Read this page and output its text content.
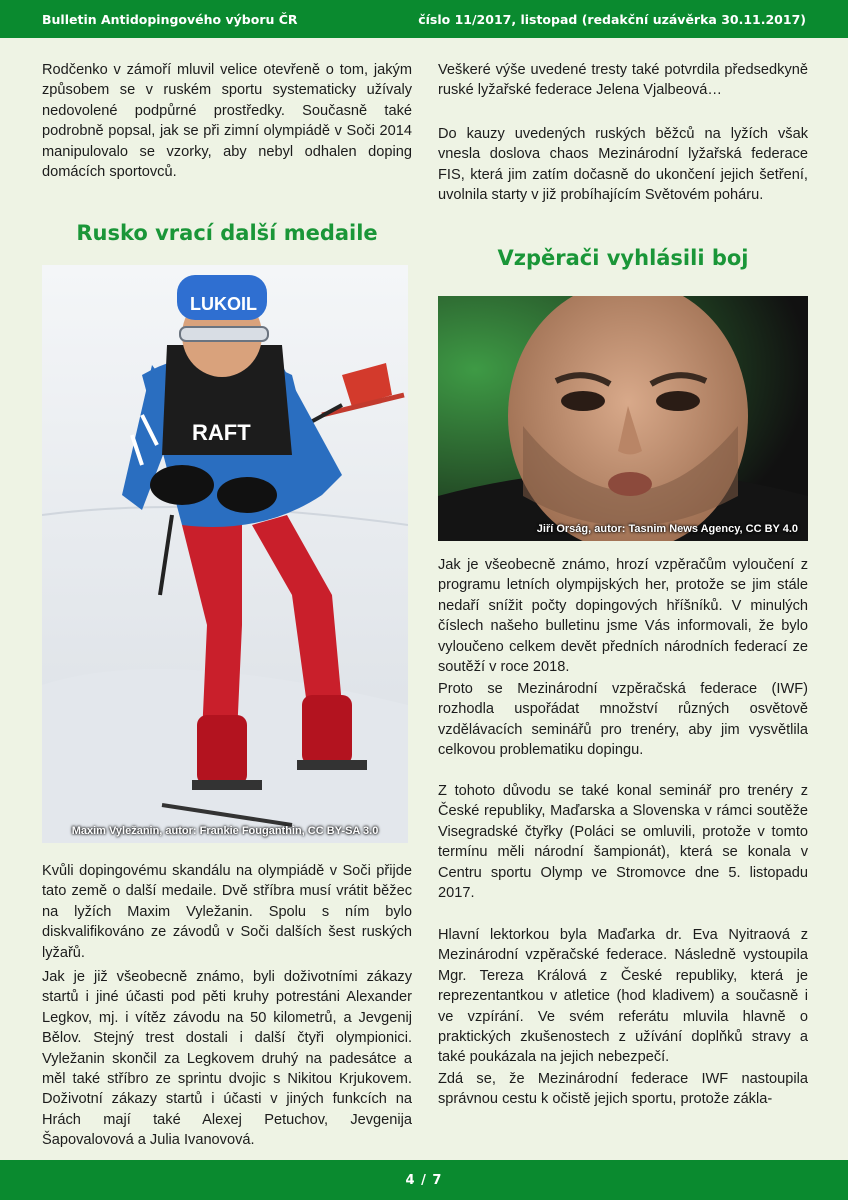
Bulletin Antidopingového výboru ČR	číslo 11/2017, listopad (redakční uzávěrka 30.11.2017)

Rodčenko v zámoří mluvil velice otevřeně o tom, jakým způsobem se v ruském sportu systematicky užívaly nedovolené podpůrné prostředky. Současně také podrobně popsal, jak se při zimní olympiádě v Soči 2014 manipulovalo se vzorky, aby nebyl odhalen doping domácích sportovců.

Rusko vrací další medaile
RAFT
LUKOIL
Maxim Vyležanin, autor: Frankie Fouganthin, CC BY-SA 3.0

Kvůli dopingovému skandálu na olympiádě v Soči přijde tato země o další medaile. Dvě stříbra musí vrátit běžec na lyžích Maxim Vyležanin. Spolu s ním bylo diskvalifikováno ze závodů v Soči dalších šest ruských lyžařů.

Jak je již všeobecně známo, byli doživotními zákazy startů i jiné účasti pod pěti kruhy potrestáni Alexander Legkov, mj. i vítěz závodu na 50 kilometrů, a Jevgenij Bělov. Stejný trest dostali i další čtyři olympionici. Vyležanin skončil za Legkovem druhý na padesátce a měl také stříbro ze sprintu dvojic s Nikitou Krjukovem. Doživotní zákazy startů i účasti v jiných funkcích na Hrách mají také Alexej Petuchov, Jevgenija Šapovalovová a Julia Ivanovová.

Veškeré výše uvedené tresty také potvrdila předsedkyně ruské lyžařské federace Jelena Vjalbeová…

Do kauzy uvedených ruských běžců na lyžích však vnesla doslova chaos Mezinárodní lyžařská federace FIS, která jim zatím dočasně do ukončení jejich šetření, uvolnila starty v již probíhajícím Světovém poháru.

Vzpěrači vyhlásili boj
Jiří Orság, autor: Tasnim News Agency, CC BY 4.0

Jak je všeobecně známo, hrozí vzpěračům vyloučení z programu letních olympijských her, protože se jim stále nedaří snížit počty dopingových hříšníků. V minulých číslech našeho bulletinu jsme Vás informovali, že bylo vyloučeno celkem devět předních národních federací ze soutěží v roce 2018.

Proto se Mezinárodní vzpěračská federace (IWF) rozhodla uspořádat množství různých osvětově vzdělávacích seminářů pro trenéry, aby jim vysvětlila celkovou problematiku dopingu.

Z tohoto důvodu se také konal seminář pro trenéry z České republiky, Maďarska a Slovenska v rámci soutěže Visegradské čtyřky (Poláci se omluvili, protože v tomto termínu měli národní šampionát), která se konala v Centru sportu Olymp ve Stromovce dne 5. listopadu 2017.

Hlavní lektorkou byla Maďarka dr. Eva Nyitraová z Mezinárodní vzpěračské federace. Následně vystoupila Mgr. Tereza Králová z České republiky, která je reprezentantkou v atletice (hod kladivem) a současně i ve vzpírání. Ve svém referátu mluvila hlavně o praktických zkušenostech z užívání doplňků stravy a také poukázala na jejich nebezpečí.

Zdá se, že Mezinárodní federace IWF nastoupila správnou cestu k očistě jejich sportu, protože zákla-

4 / 7
